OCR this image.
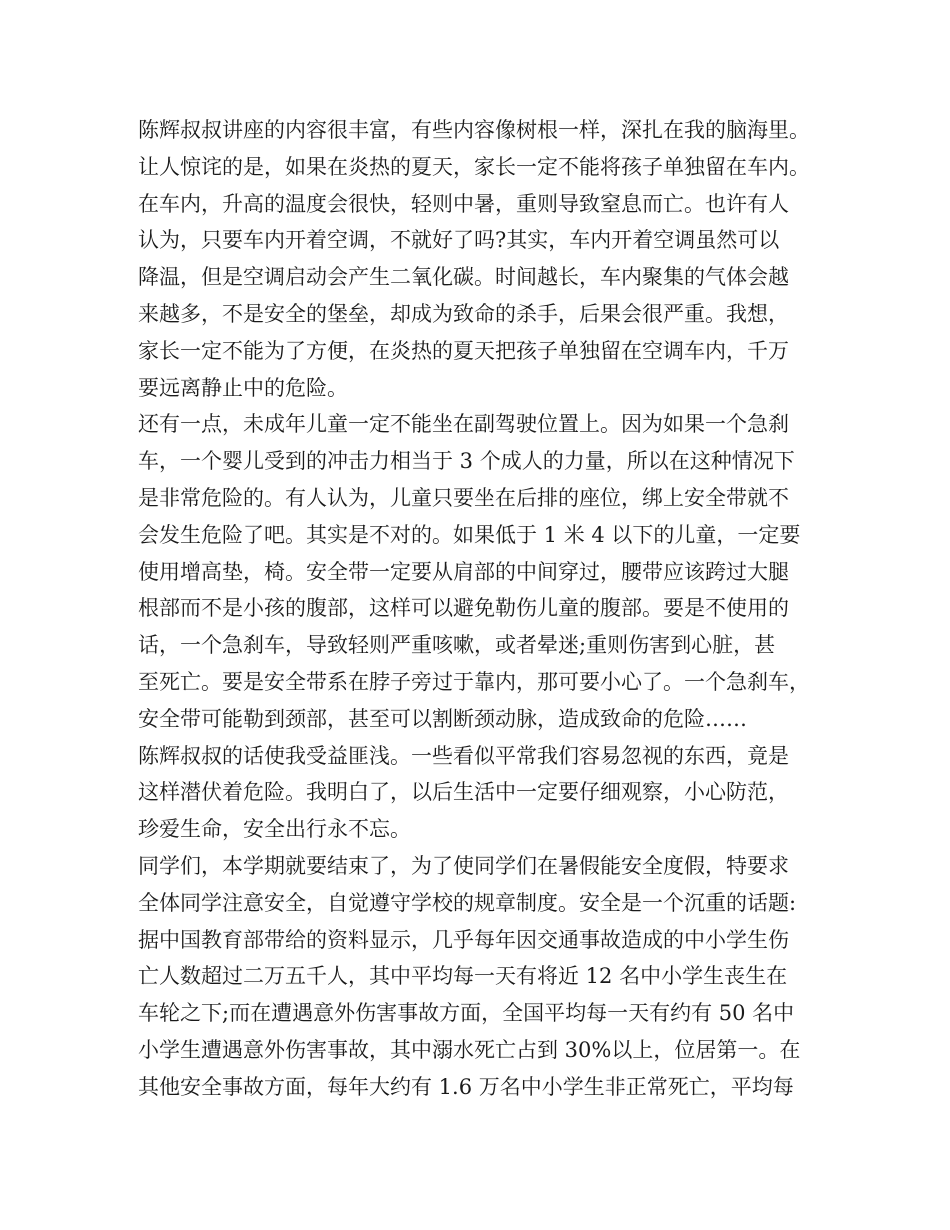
陈辉叔叔讲座的内容很丰富，有些内容像树根一样，深扎在我的脑海里。
让人惊诧的是，如果在炎热的夏天，家长一定不能将孩子单独留在车内。
在车内，升高的温度会很快，轻则中暑，重则导致窒息而亡。也许有人
认为，只要车内开着空调，不就好了吗?其实，车内开着空调虽然可以
降温，但是空调启动会产生二氧化碳。时间越长，车内聚集的气体会越
来越多，不是安全的堡垒，却成为致命的杀手，后果会很严重。我想，
家长一定不能为了方便，在炎热的夏天把孩子单独留在空调车内，千万
要远离静止中的危险。
还有一点，未成年儿童一定不能坐在副驾驶位置上。因为如果一个急刹
车，一个婴儿受到的冲击力相当于 3 个成人的力量，所以在这种情况下
是非常危险的。有人认为，儿童只要坐在后排的座位，绑上安全带就不
会发生危险了吧。其实是不对的。如果低于 1 米 4 以下的儿童，一定要
使用增高垫，椅。安全带一定要从肩部的中间穿过，腰带应该跨过大腿
根部而不是小孩的腹部，这样可以避免勒伤儿童的腹部。要是不使用的
话，一个急刹车，导致轻则严重咳嗽，或者晕迷;重则伤害到心脏，甚
至死亡。要是安全带系在脖子旁过于靠内，那可要小心了。一个急刹车，
安全带可能勒到颈部，甚至可以割断颈动脉，造成致命的危险……
陈辉叔叔的话使我受益匪浅。一些看似平常我们容易忽视的东西，竟是
这样潜伏着危险。我明白了，以后生活中一定要仔细观察，小心防范，
珍爱生命，安全出行永不忘。
同学们，本学期就要结束了，为了使同学们在暑假能安全度假，特要求
全体同学注意安全，自觉遵守学校的规章制度。安全是一个沉重的话题:
据中国教育部带给的资料显示，几乎每年因交通事故造成的中小学生伤
亡人数超过二万五千人，其中平均每一天有将近 12 名中小学生丧生在
车轮之下;而在遭遇意外伤害事故方面，全国平均每一天有约有 50 名中
小学生遭遇意外伤害事故，其中溺水死亡占到 30%以上，位居第一。在
其他安全事故方面，每年大约有 1.6 万名中小学生非正常死亡，平均每
